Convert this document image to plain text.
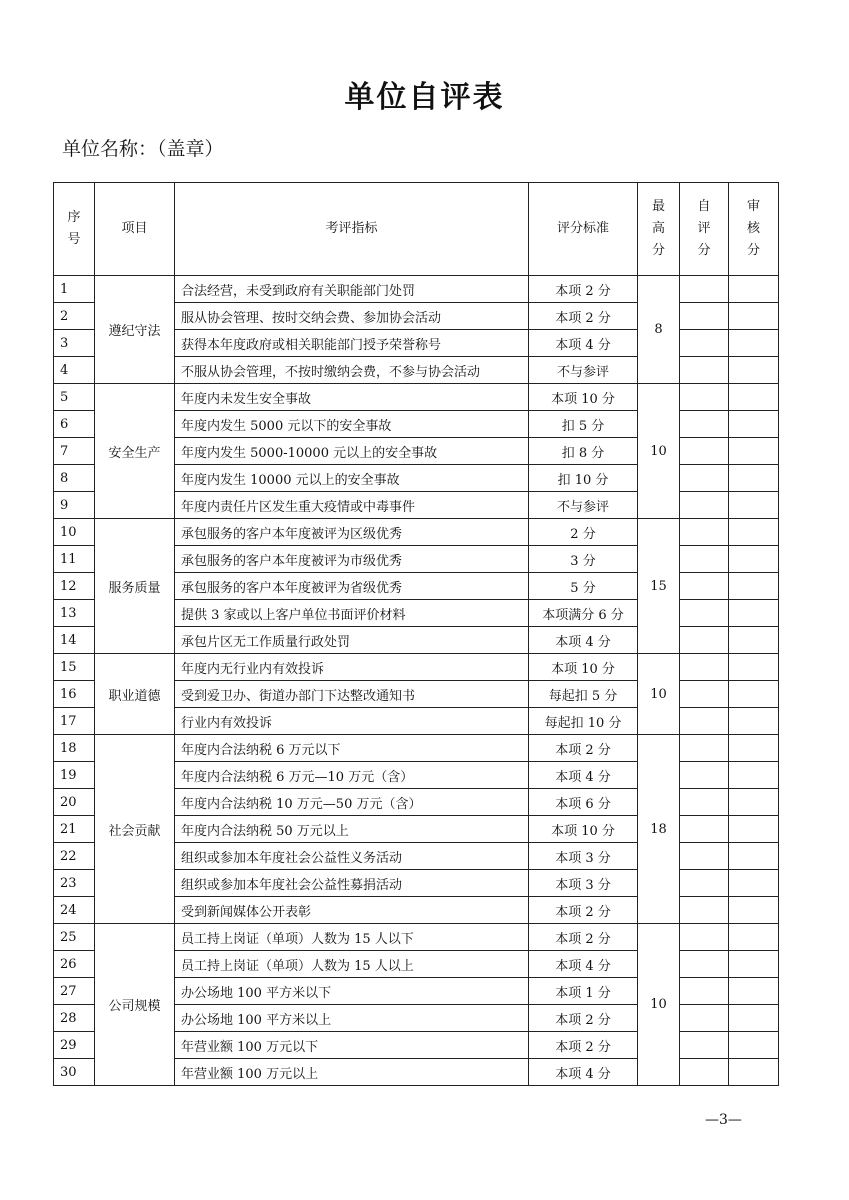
单位自评表
单位名称：（盖章）
序号	项目	考评指标	评分标准	最高分	自评分	审核分
1	遵纪守法	合法经营，未受到政府有关职能部门处罚	本项 2 分	8		
2		服从协会管理、按时交纳会费、参加协会活动	本项 2 分			
3		获得本年度政府或相关职能部门授予荣誉称号	本项 4 分			
4		不服从协会管理，不按时缴纳会费，不参与协会活动	不与参评			
5	安全生产	年度内未发生安全事故	本项 10 分	10		
6		年度内发生 5000 元以下的安全事故	扣 5 分			
7		年度内发生 5000-10000 元以上的安全事故	扣 8 分			
8		年度内发生 10000 元以上的安全事故	扣 10 分			
9		年度内责任片区发生重大疫情或中毒事件	不与参评			
10	服务质量	承包服务的客户本年度被评为区级优秀	2 分	15		
11		承包服务的客户本年度被评为市级优秀	3 分			
12		承包服务的客户本年度被评为省级优秀	5 分			
13		提供 3 家或以上客户单位书面评价材料	本项满分 6 分			
14		承包片区无工作质量行政处罚	本项 4 分			
15	职业道德	年度内无行业内有效投诉	本项 10 分	10		
16		受到爱卫办、街道办部门下达整改通知书	每起扣 5 分			
17		行业内有效投诉	每起扣 10 分			
18	社会贡献	年度内合法纳税 6 万元以下	本项 2 分	18		
19		年度内合法纳税 6 万元—10 万元（含）	本项 4 分			
20		年度内合法纳税 10 万元—50 万元（含）	本项 6 分			
21		年度内合法纳税 50 万元以上	本项 10 分			
22		组织或参加本年度社会公益性义务活动	本项 3 分			
23		组织或参加本年度社会公益性募捐活动	本项 3 分			
24		受到新闻媒体公开表彰	本项 2 分			
25	公司规模	员工持上岗证（单项）人数为 15 人以下	本项 2 分	10		
26		员工持上岗证（单项）人数为 15 人以上	本项 4 分			
27		办公场地 100 平方米以下	本项 1 分			
28		办公场地 100 平方米以上	本项 2 分			
29		年营业额 100 万元以下	本项 2 分			
30		年营业额 100 万元以上	本项 4 分			
—3—
